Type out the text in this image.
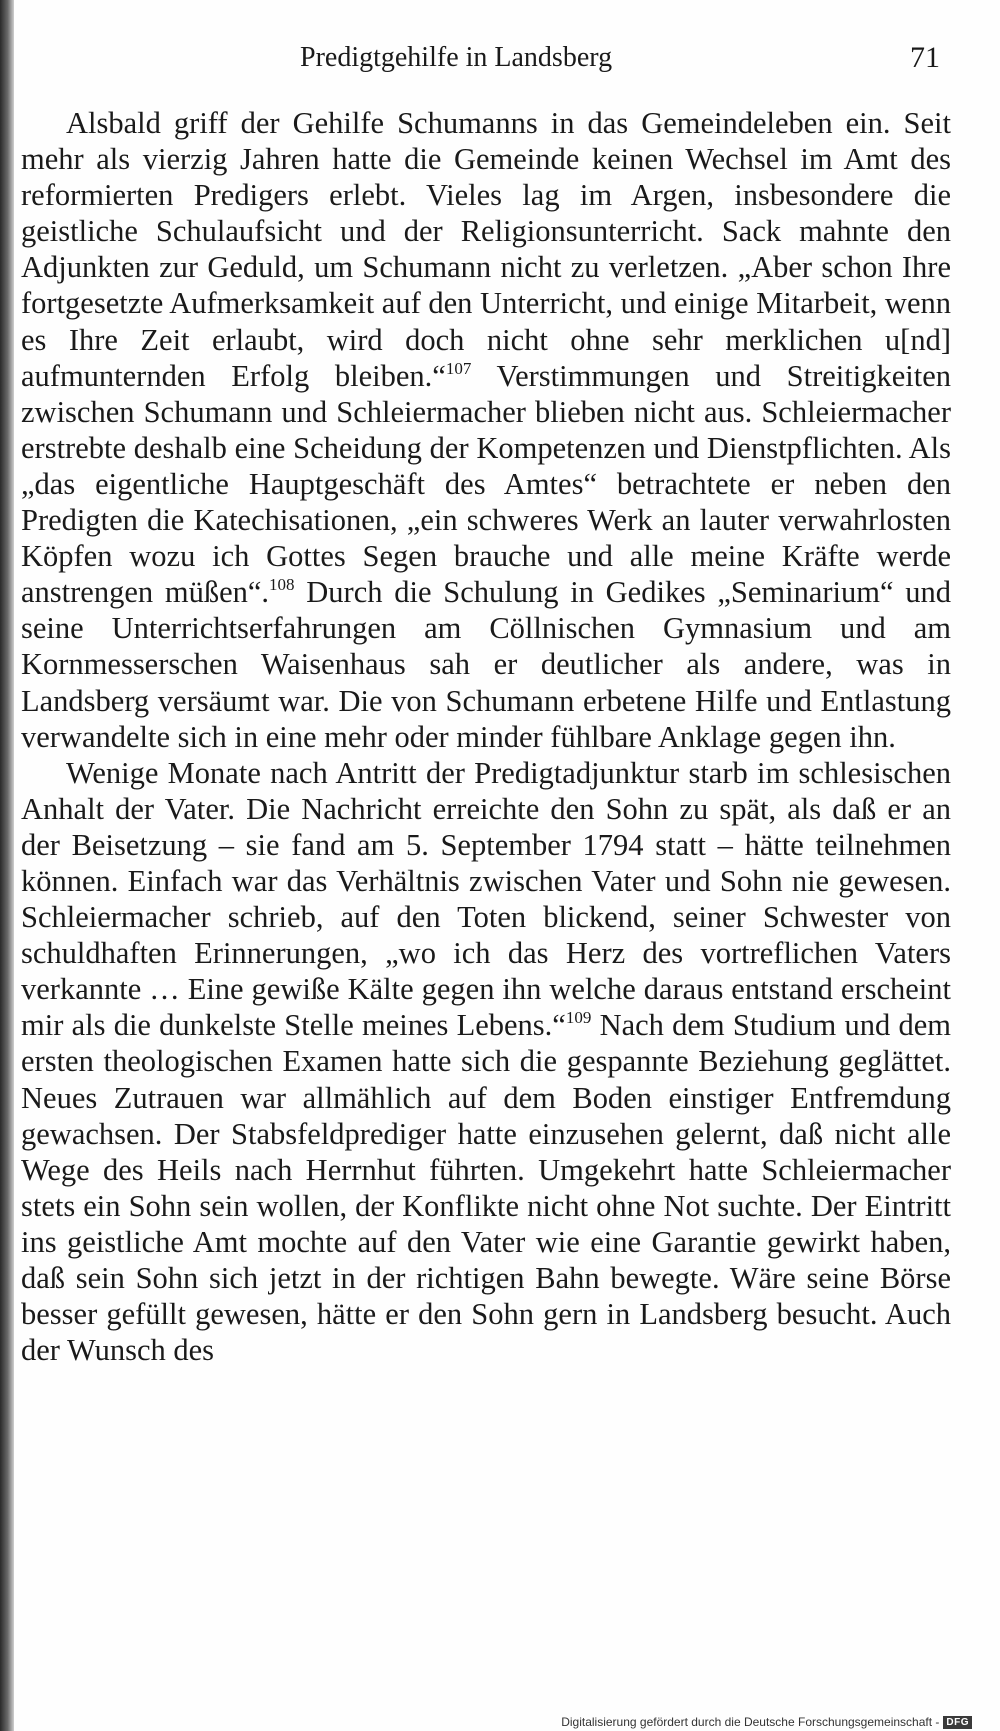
Predigtgehilfe in Landsberg	71

Alsbald griff der Gehilfe Schumanns in das Gemeindeleben ein. Seit mehr als vierzig Jahren hatte die Gemeinde keinen Wechsel im Amt des reformierten Predigers erlebt. Vieles lag im Argen, insbesondere die geistliche Schulaufsicht und der Religionsunterricht. Sack mahnte den Adjunkten zur Geduld, um Schumann nicht zu verletzen. „Aber schon Ihre fortgesetzte Aufmerksamkeit auf den Unterricht, und einige Mitarbeit, wenn es Ihre Zeit erlaubt, wird doch nicht ohne sehr merklichen u[nd] aufmunternden Erfolg bleiben.“$^{107}$ Verstimmungen und Streitigkeiten zwischen Schumann und Schleiermacher blieben nicht aus. Schleiermacher erstrebte deshalb eine Scheidung der Kompetenzen und Dienstpflichten. Als „das eigentliche Hauptgeschäft des Amtes“ betrachtete er neben den Predigten die Katechisationen, „ein schweres Werk an lauter verwahrlosten Köpfen wozu ich Gottes Segen brauche und alle meine Kräfte werde anstrengen müßen“.$^{108}$ Durch die Schulung in Gedikes „Seminarium“ und seine Unterrichtserfahrungen am Cöllnischen Gymnasium und am Kornmesserschen Waisenhaus sah er deutlicher als andere, was in Landsberg versäumt war. Die von Schumann erbetene Hilfe und Entlastung verwandelte sich in eine mehr oder minder fühlbare Anklage gegen ihn.

Wenige Monate nach Antritt der Predigtadjunktur starb im schlesischen Anhalt der Vater. Die Nachricht erreichte den Sohn zu spät, als daß er an der Beisetzung – sie fand am 5. September 1794 statt – hätte teilnehmen können. Einfach war das Verhältnis zwischen Vater und Sohn nie gewesen. Schleiermacher schrieb, auf den Toten blickend, seiner Schwester von schuldhaften Erinnerungen, „wo ich das Herz des vortreflichen Vaters verkannte … Eine gewiße Kälte gegen ihn welche daraus entstand erscheint mir als die dunkelste Stelle meines Lebens.“$^{109}$ Nach dem Studium und dem ersten theologischen Examen hatte sich die gespannte Beziehung geglättet. Neues Zutrauen war allmählich auf dem Boden einstiger Entfremdung gewachsen. Der Stabsfeldprediger hatte einzusehen gelernt, daß nicht alle Wege des Heils nach Herrnhut führten. Umgekehrt hatte Schleiermacher stets ein Sohn sein wollen, der Konflikte nicht ohne Not suchte. Der Eintritt ins geistliche Amt mochte auf den Vater wie eine Garantie gewirkt haben, daß sein Sohn sich jetzt in der richtigen Bahn bewegte. Wäre seine Börse besser gefüllt gewesen, hätte er den Sohn gern in Landsberg besucht. Auch der Wunsch des

Digitalisierung gefördert durch die Deutsche Forschungsgemeinschaft - DFG
